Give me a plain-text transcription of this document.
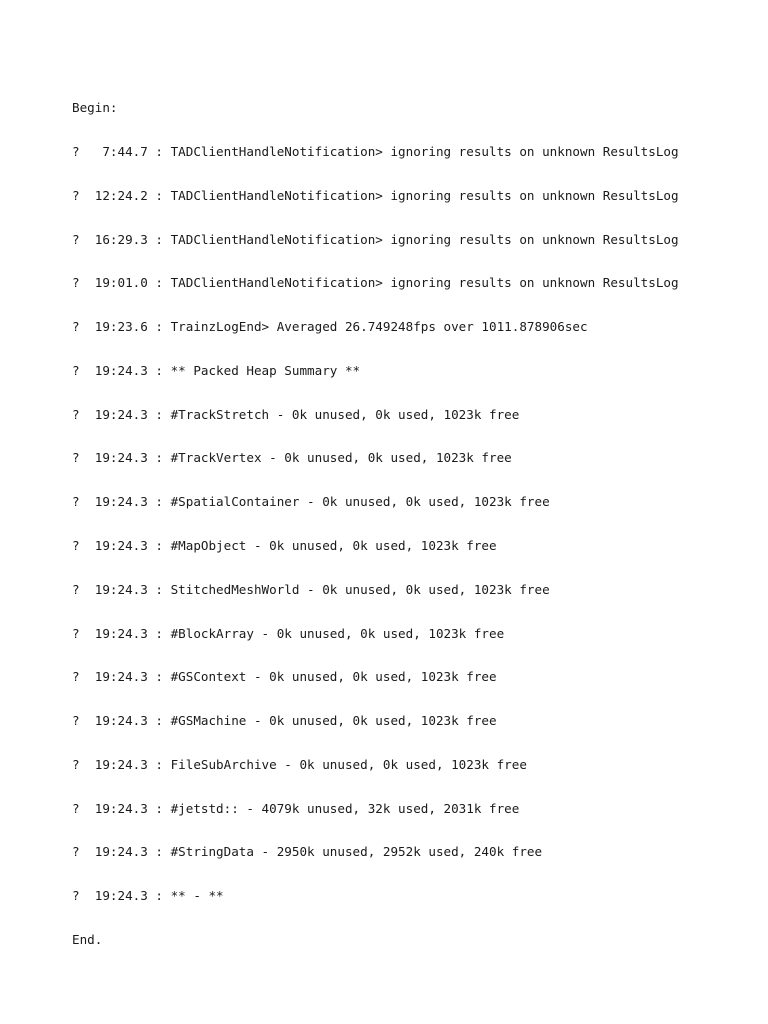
Begin:

?   7:44.7 : TADClientHandleNotification> ignoring results on unknown ResultsLog

?  12:24.2 : TADClientHandleNotification> ignoring results on unknown ResultsLog

?  16:29.3 : TADClientHandleNotification> ignoring results on unknown ResultsLog

?  19:01.0 : TADClientHandleNotification> ignoring results on unknown ResultsLog

?  19:23.6 : TrainzLogEnd> Averaged 26.749248fps over 1011.878906sec

?  19:24.3 : ** Packed Heap Summary **

?  19:24.3 : #TrackStretch - 0k unused, 0k used, 1023k free

?  19:24.3 : #TrackVertex - 0k unused, 0k used, 1023k free

?  19:24.3 : #SpatialContainer - 0k unused, 0k used, 1023k free

?  19:24.3 : #MapObject - 0k unused, 0k used, 1023k free

?  19:24.3 : StitchedMeshWorld - 0k unused, 0k used, 1023k free

?  19:24.3 : #BlockArray - 0k unused, 0k used, 1023k free

?  19:24.3 : #GSContext - 0k unused, 0k used, 1023k free

?  19:24.3 : #GSMachine - 0k unused, 0k used, 1023k free

?  19:24.3 : FileSubArchive - 0k unused, 0k used, 1023k free

?  19:24.3 : #jetstd:: - 4079k unused, 32k used, 2031k free

?  19:24.3 : #StringData - 2950k unused, 2952k used, 240k free

?  19:24.3 : ** - **

End.
